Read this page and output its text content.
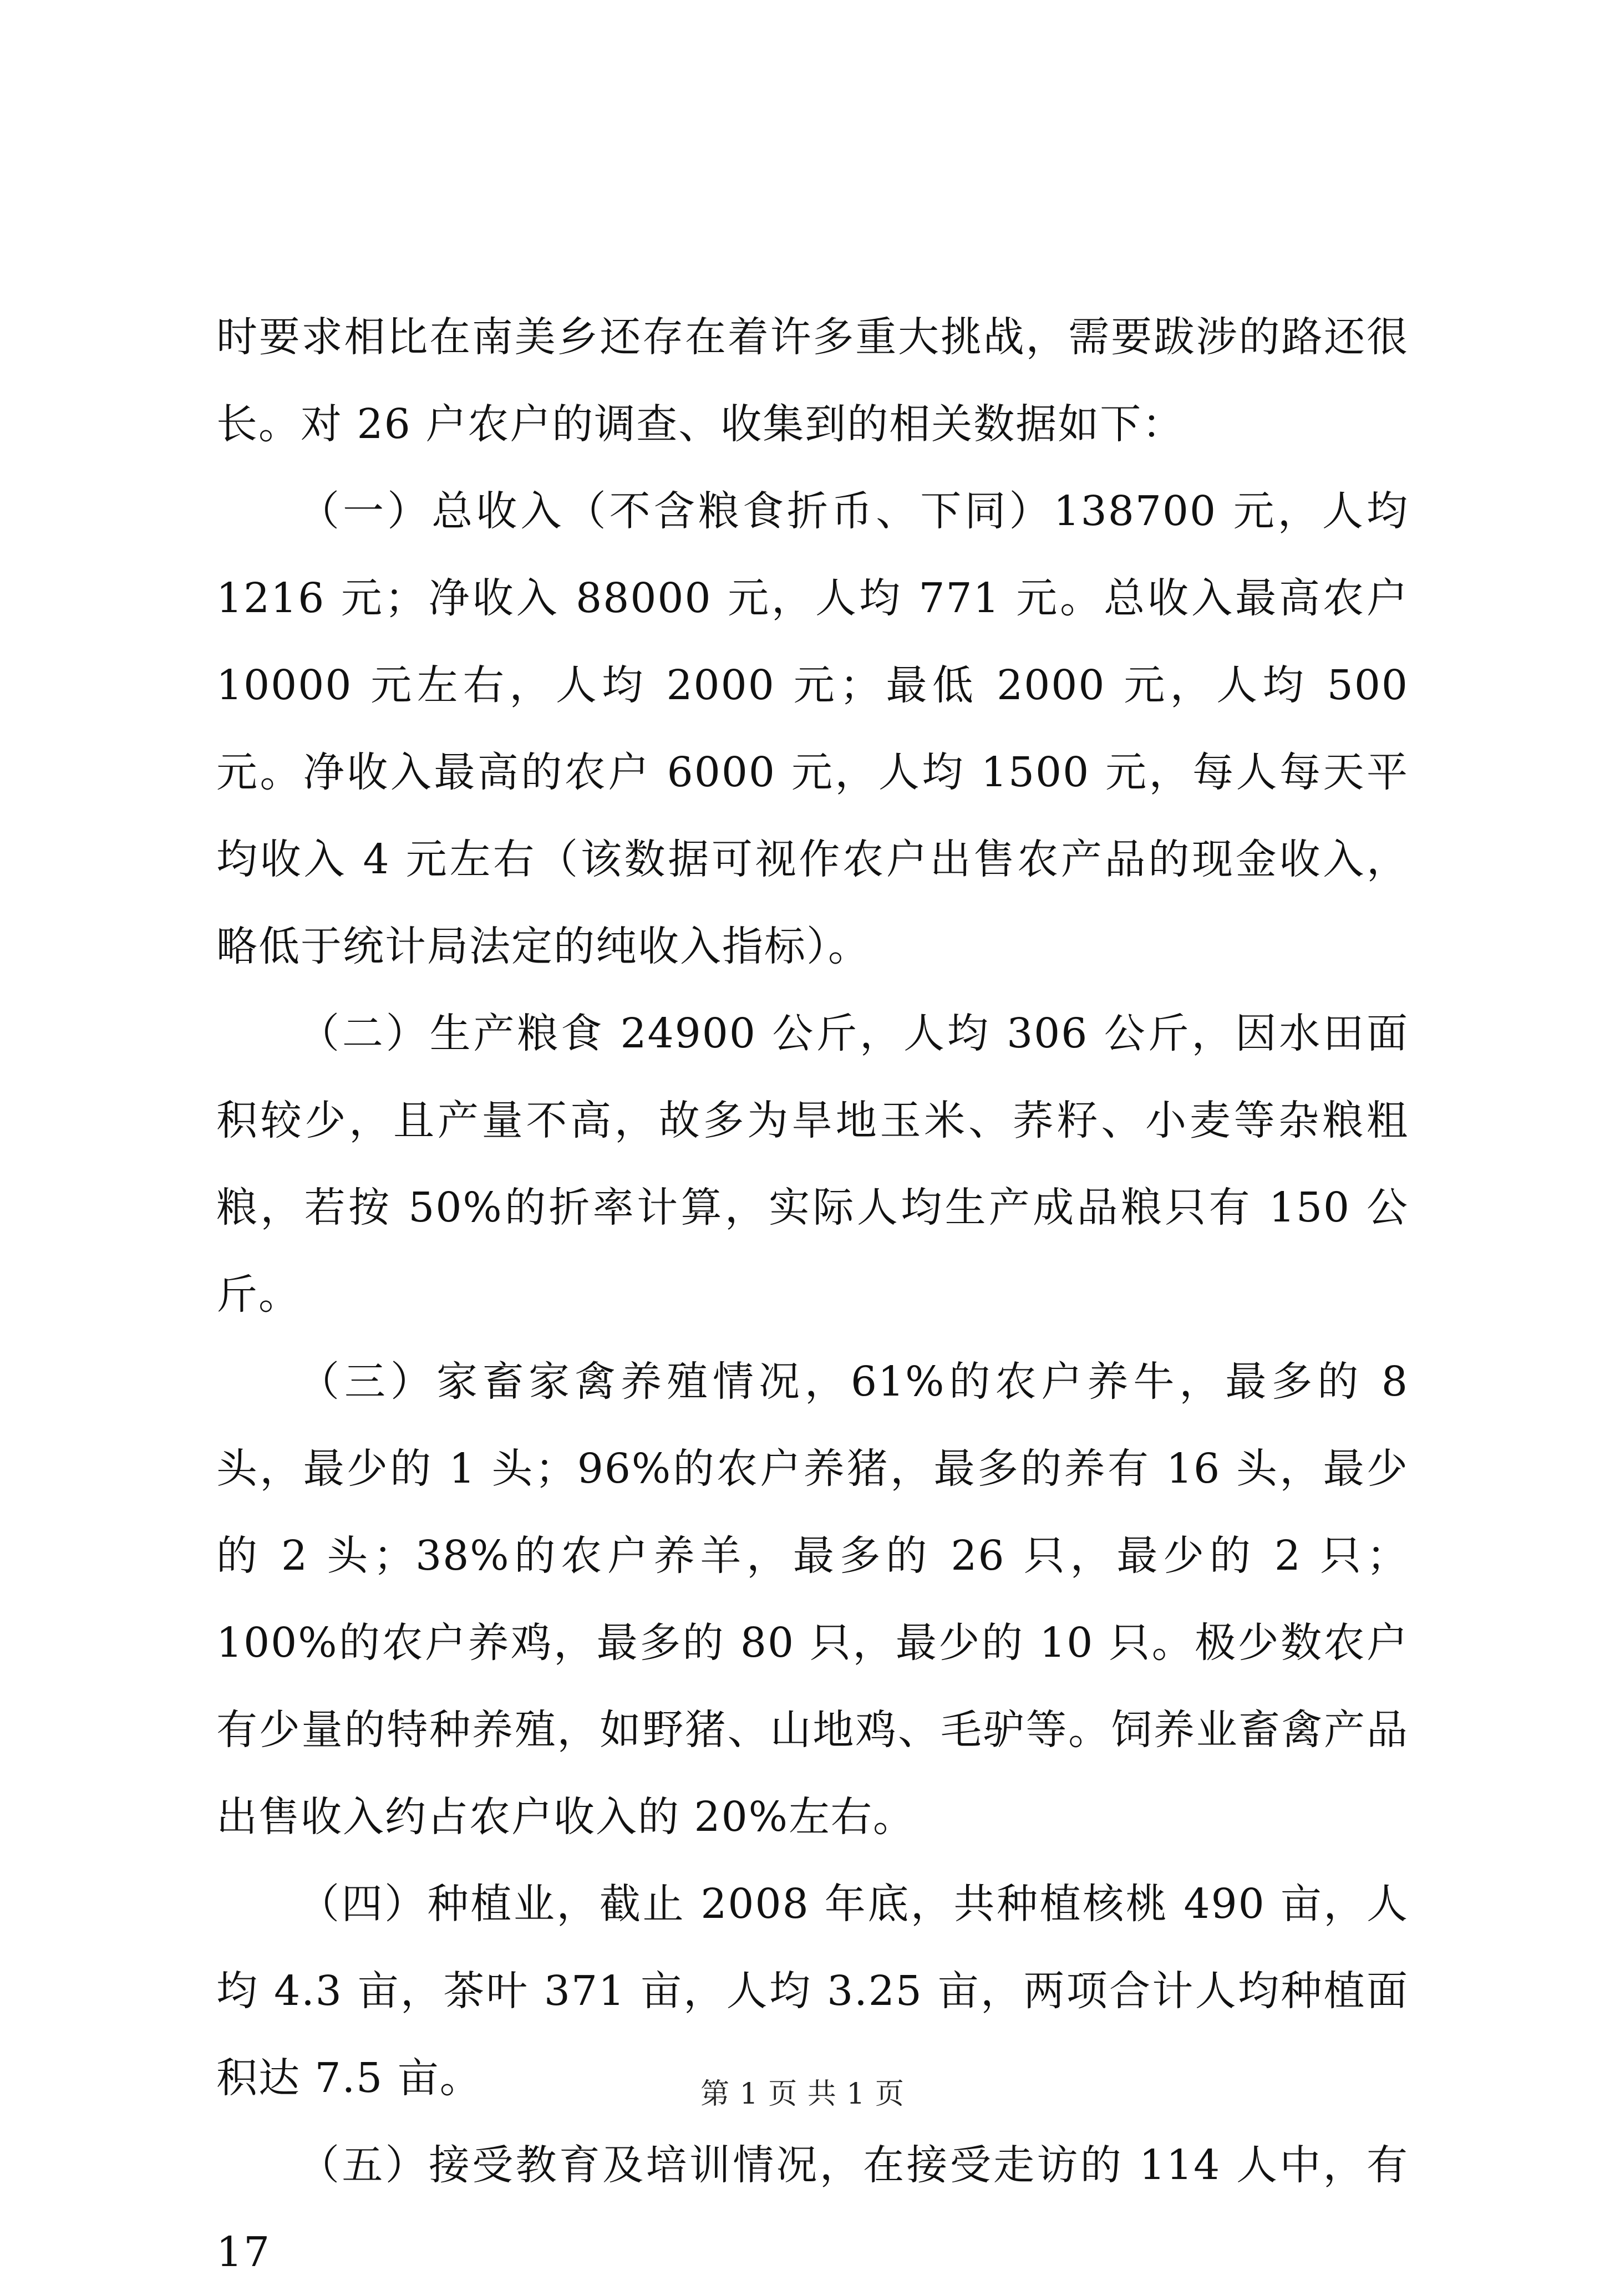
时要求相比在南美乡还存在着许多重大挑战，需要跋涉的路还很长。对 26 户农户的调查、收集到的相关数据如下：

（一）总收入（不含粮食折币、下同）138700 元，人均 1216 元；净收入 88000 元，人均 771 元。总收入最高农户 10000 元左右，人均 2000 元；最低 2000 元，人均 500 元。净收入最高的农户 6000 元，人均 1500 元，每人每天平均收入 4 元左右（该数据可视作农户出售农产品的现金收入，略低于统计局法定的纯收入指标）。

（二）生产粮食 24900 公斤，人均 306 公斤，因水田面积较少，且产量不高，故多为旱地玉米、荞籽、小麦等杂粮粗粮，若按 50%的折率计算，实际人均生产成品粮只有 150 公斤。

（三）家畜家禽养殖情况，61%的农户养牛，最多的 8 头，最少的 1 头；96%的农户养猪，最多的养有 16 头，最少的 2 头；38%的农户养羊，最多的 26 只，最少的 2 只；100%的农户养鸡，最多的 80 只，最少的 10 只。极少数农户有少量的特种养殖，如野猪、山地鸡、毛驴等。饲养业畜禽产品出售收入约占农户收入的 20%左右。

（四）种植业，截止 2008 年底，共种植核桃 490 亩，人均 4.3 亩，茶叶 371 亩，人均 3.25 亩，两项合计人均种植面积达 7.5 亩。

（五）接受教育及培训情况，在接受走访的 114 人中，有 17

第 1 页 共 1 页
